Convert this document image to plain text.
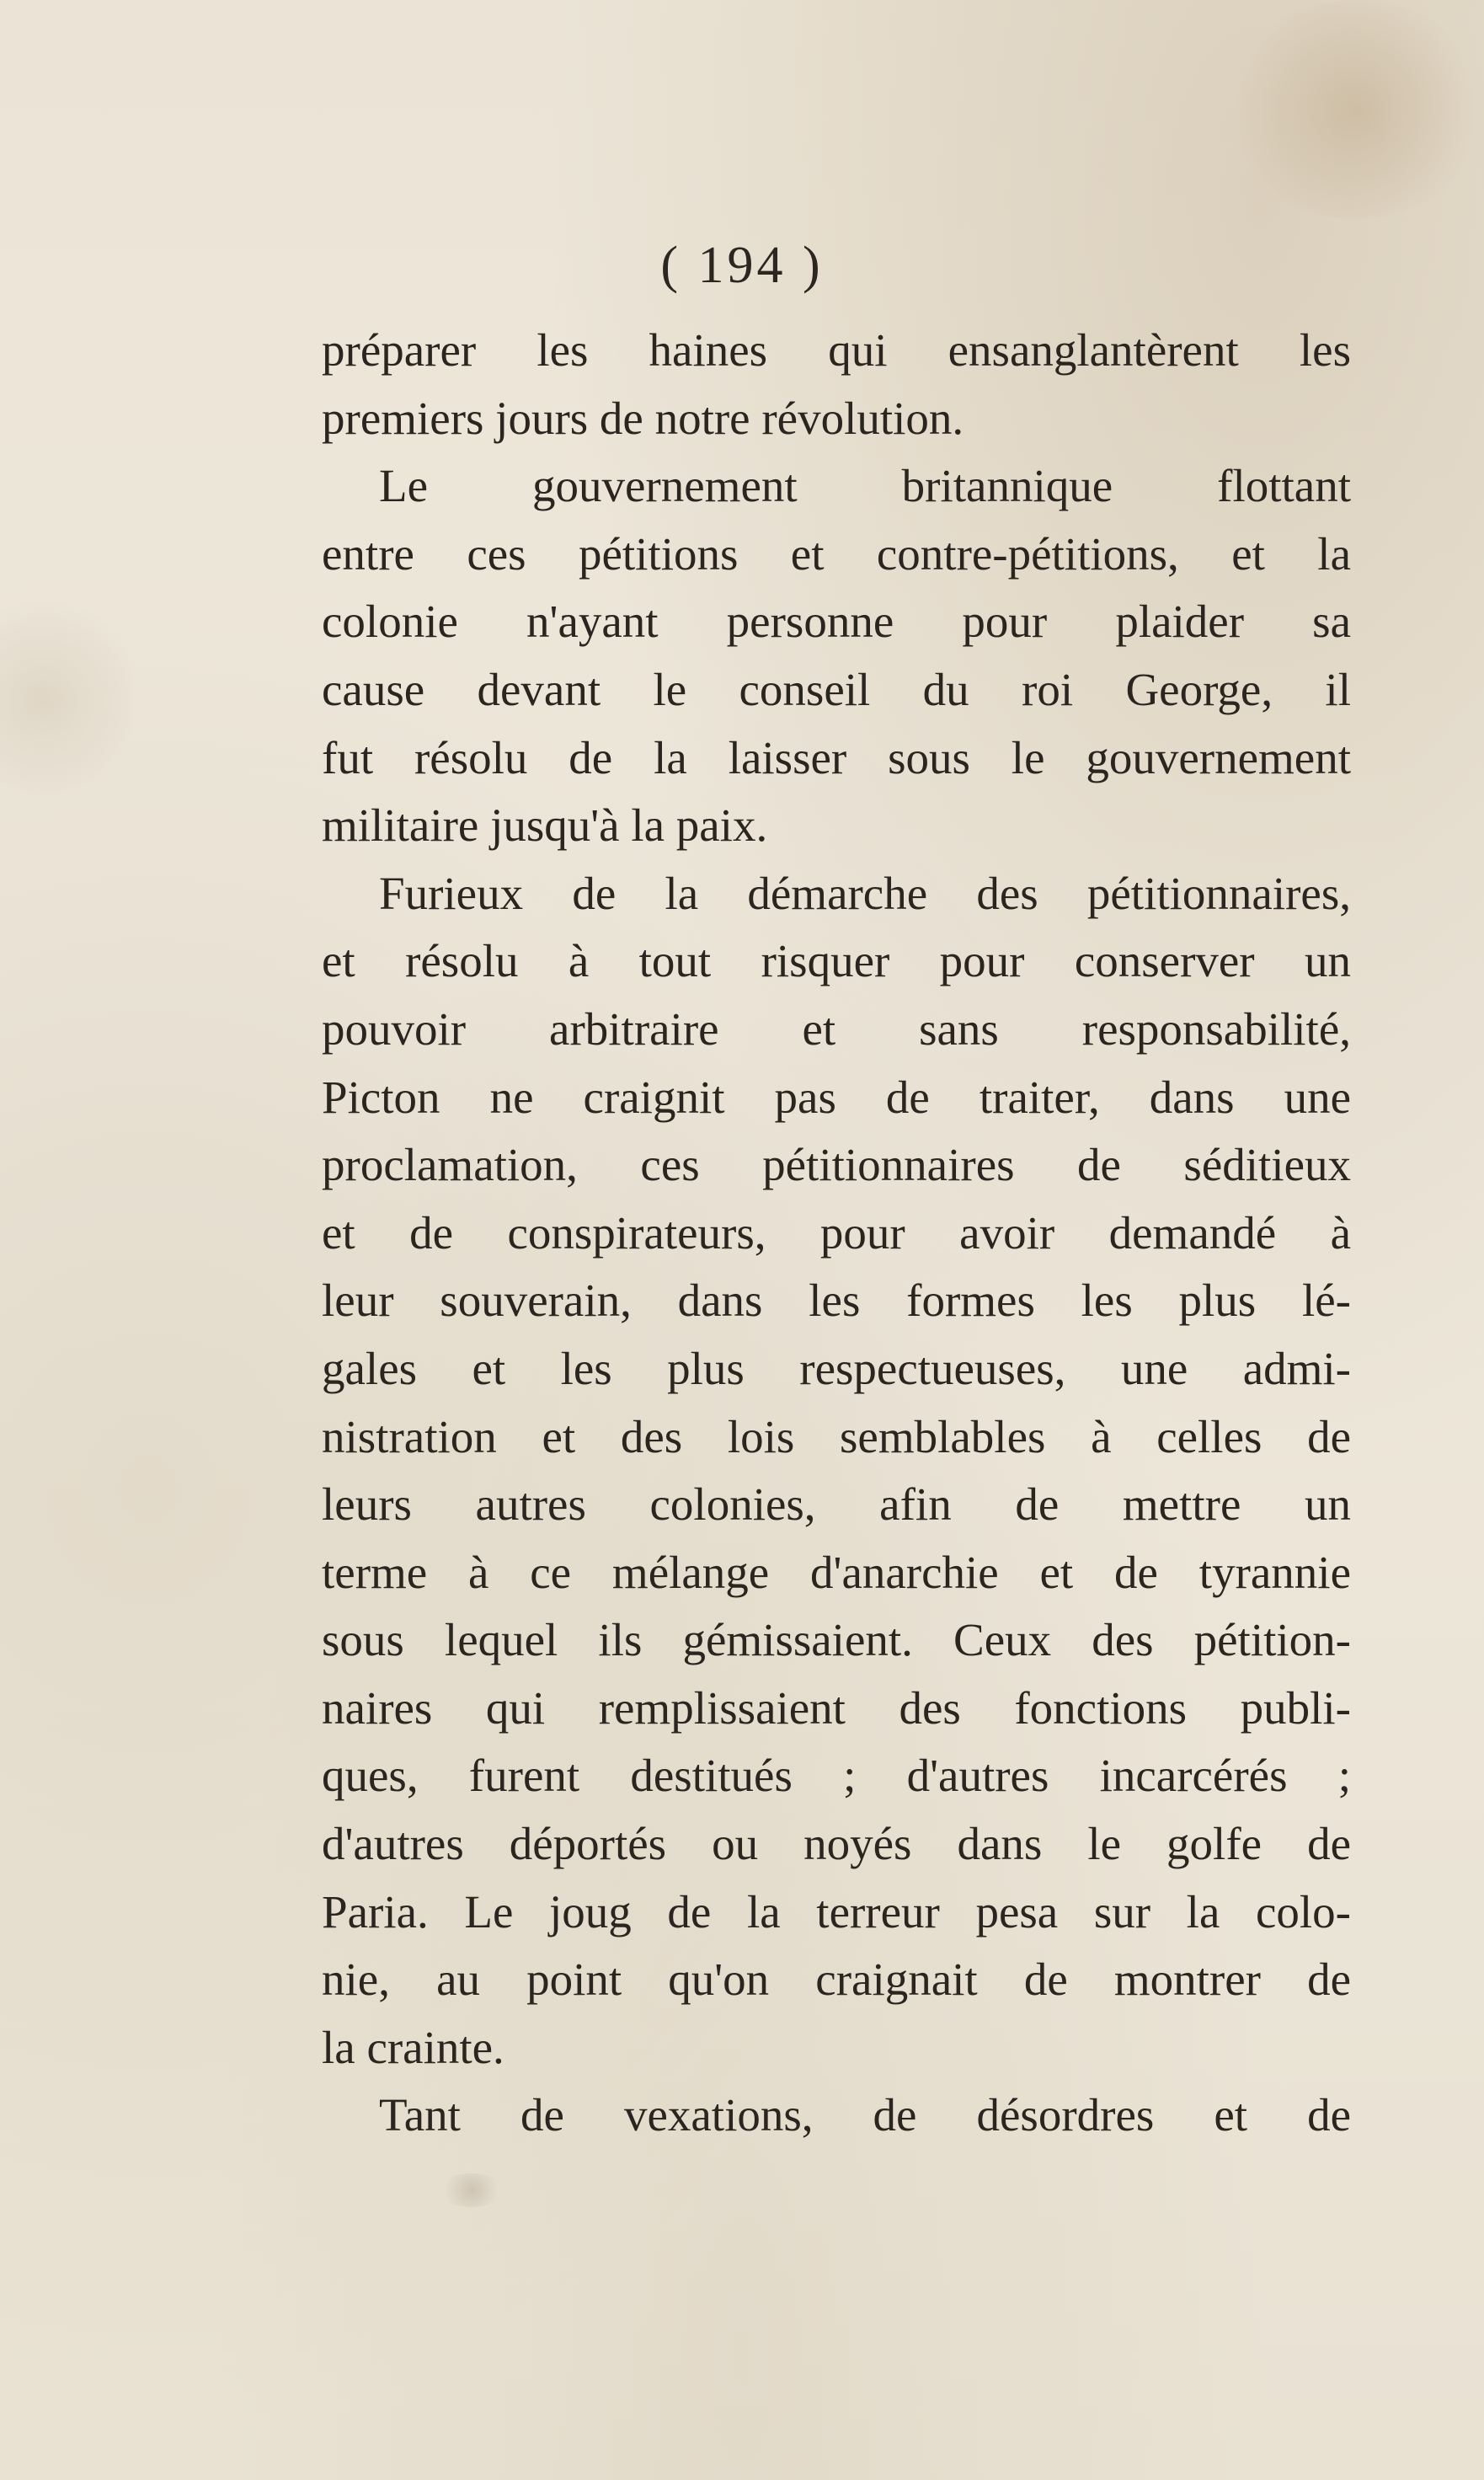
( 194 )
préparer les haines qui ensanglantèrent les
premiers jours de notre révolution.
Le gouvernement britannique flottant
entre ces pétitions et contre-pétitions, et la
colonie n'ayant personne pour plaider sa
cause devant le conseil du roi George, il
fut résolu de la laisser sous le gouvernement
militaire jusqu'à la paix.
Furieux de la démarche des pétitionnaires,
et résolu à tout risquer pour conserver un
pouvoir arbitraire et sans responsabilité,
Picton ne craignit pas de traiter, dans une
proclamation, ces pétitionnaires de séditieux
et de conspirateurs, pour avoir demandé à
leur souverain, dans les formes les plus lé-
gales et les plus respectueuses, une admi-
nistration et des lois semblables à celles de
leurs autres colonies, afin de mettre un
terme à ce mélange d'anarchie et de tyrannie
sous lequel ils gémissaient. Ceux des pétition-
naires qui remplissaient des fonctions publi-
ques, furent destitués ; d'autres incarcérés ;
d'autres déportés ou noyés dans le golfe de
Paria. Le joug de la terreur pesa sur la colo-
nie, au point qu'on craignait de montrer de
la crainte.
Tant de vexations, de désordres et de
